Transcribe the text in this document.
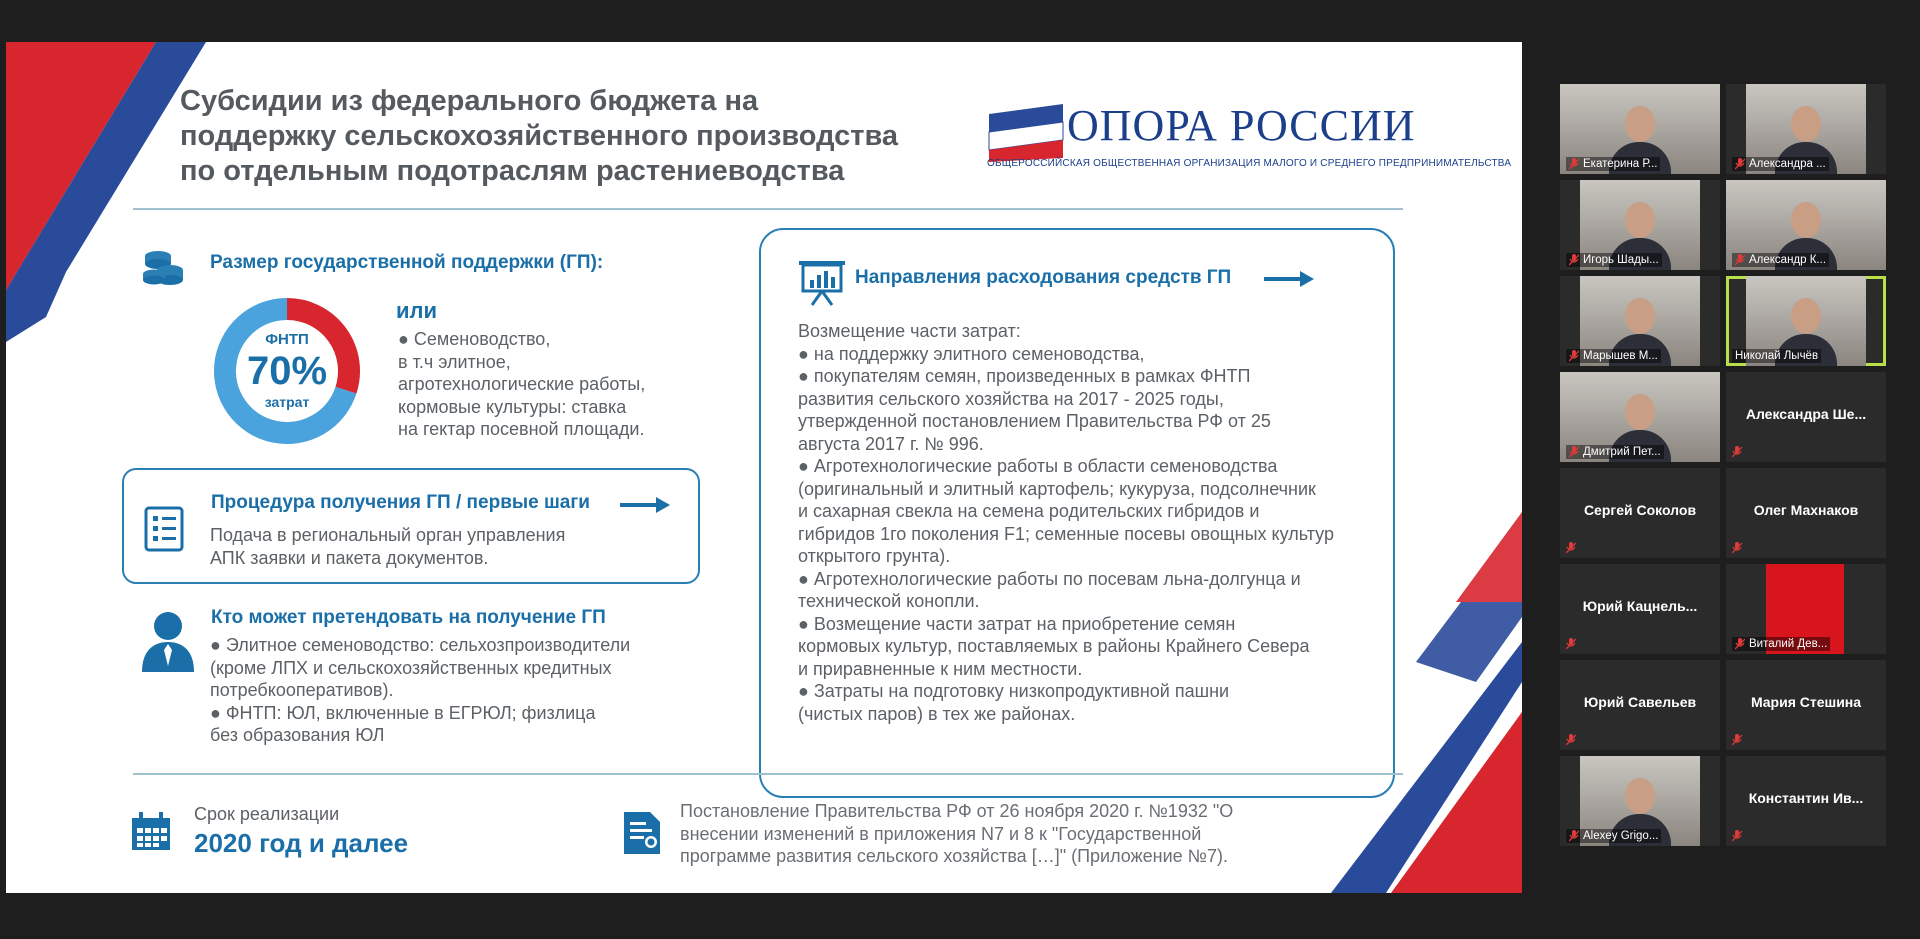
Субсидии из федерального бюджета на
поддержку сельскохозяйственного производства
по отдельным подотраслям растениеводства
ОПОРА РОССИИ
ОБЩЕРОССИЙСКАЯ ОБЩЕСТВЕННАЯ ОРГАНИЗАЦИЯ МАЛОГО И СРЕДНЕГО ПРЕДПРИНИМАТЕЛЬСТВА
Размер государственной поддержки (ГП):
ФНТП
70%
затрат
или
● Семеноводство,
в т.ч элитное,
агротехнологические работы,
кормовые культуры: ставка
на гектар посевной площади.
Процедура получения ГП / первые шаги
Подача в региональный орган управления
АПК заявки и пакета документов.
Кто может претендовать на получение ГП
● Элитное семеноводство: сельхозпроизводители
(кроме ЛПХ и сельскохозяйственных кредитных
потребкооперативов).
● ФНТП: ЮЛ, включенные в ЕГРЮЛ; физлица
без образования ЮЛ
Направления расходования средств ГП
Возмещение части затрат:
● на поддержку элитного семеноводства,
● покупателям семян, произведенных в рамках ФНТП
развития сельского хозяйства на 2017 - 2025 годы,
утвержденной постановлением Правительства РФ от 25
августа 2017 г. № 996.
● Агротехнологические работы в области семеноводства
(оригинальный и элитный картофель; кукуруза, подсолнечник
и сахарная свекла на семена родительских гибридов и
гибридов 1го поколения F1; семенные посевы овощных культур
открытого грунта).
● Агротехнологические работы по посевам льна-долгунца и
технической конопли.
● Возмещение части затрат на приобретение семян
кормовых культур, поставляемых в районы Крайнего Севера
и приравненные к ним местности.
● Затраты на подготовку низкопродуктивной пашни
(чистых паров) в тех же районах.
Срок реализации
2020 год и далее
Постановление Правительства РФ от 26 ноября 2020 г. №1932 "О
внесении изменений в приложения N7 и 8 к "Государственной
программе развития сельского хозяйства […]" (Приложение №7).
Екатерина Р...	Александра ...
Игорь Шады...	Александр К...
Марышев М...	Николай Лычёв
Дмитрий Пет...
Александра Ше...
Сергей Соколов	Олег Махнаков
Юрий Кацнель...
Виталий Дев...
Юрий Савельев	Мария Стешина
Alexey Grigo...
Константин Ив...
